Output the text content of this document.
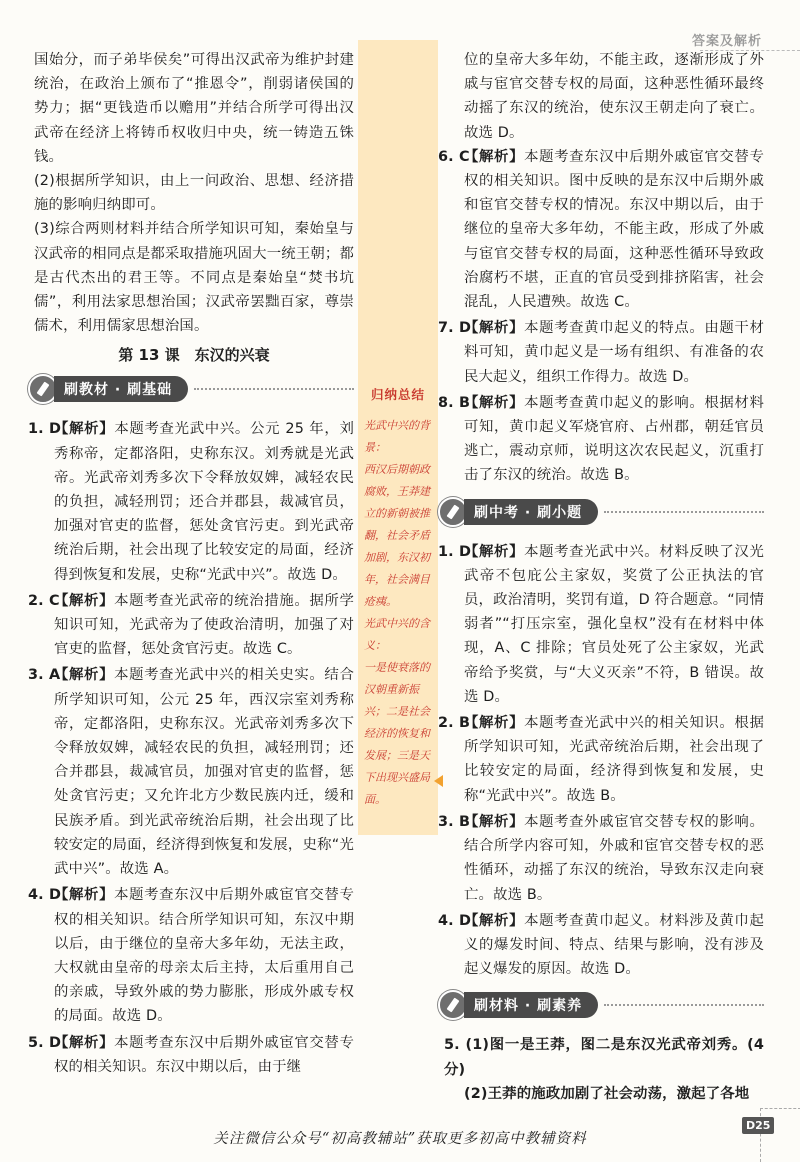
答案及解析

国始分，而子弟毕侯矣”可得出汉武帝为维护封建统治，在政治上颁布了“推恩令”，削弱诸侯国的势力；据“更钱造币以赡用”并结合所学可得出汉武帝在经济上将铸币权收归中央，统一铸造五铢钱。

(2)根据所学知识，由上一问政治、思想、经济措施的影响归纳即可。

(3)综合两则材料并结合所学知识可知，秦始皇与汉武帝的相同点是都采取措施巩固大一统王朝；都是古代杰出的君王等。不同点是秦始皇“焚书坑儒”，利用法家思想治国；汉武帝罢黜百家，尊崇儒术，利用儒家思想治国。

第 13 课　东汉的兴衰
刷教材 · 刷基础
1. D
【解析】本题考查光武中兴。公元 25 年，刘秀称帝，定都洛阳，史称东汉。刘秀就是光武帝。光武帝刘秀多次下令释放奴婢，减轻农民的负担，减轻刑罚；还合并郡县，裁减官员，加强对官吏的监督，惩处贪官污吏。到光武帝统治后期，社会出现了比较安定的局面，经济得到恢复和发展，史称“光武中兴”。故选 D。
2. C
【解析】本题考查光武帝的统治措施。据所学知识可知，光武帝为了使政治清明，加强了对官吏的监督，惩处贪官污吏。故选 C。
3. A
【解析】本题考查光武中兴的相关史实。结合所学知识可知，公元 25 年，西汉宗室刘秀称帝，定都洛阳，史称东汉。光武帝刘秀多次下令释放奴婢，减轻农民的负担，减轻刑罚；还合并郡县，裁减官员，加强对官吏的监督，惩处贪官污吏；又允许北方少数民族内迁，缓和民族矛盾。到光武帝统治后期，社会出现了比较安定的局面，经济得到恢复和发展，史称“光武中兴”。故选 A。
4. D
【解析】本题考查东汉中后期外戚宦官交替专权的相关知识。结合所学知识可知，东汉中期以后，由于继位的皇帝大多年幼，无法主政，大权就由皇帝的母亲太后主持，太后重用自己的亲戚，导致外戚的势力膨胀，形成外戚专权的局面。故选 D。
5. D
【解析】本题考查东汉中后期外戚宦官交替专权的相关知识。东汉中期以后，由于继
归纳总结
光武中兴的背景：
西汉后期朝政腐败，王莽建立的新朝被推翻，社会矛盾加剧，东汉初年，社会满目疮痍。
光武中兴的含义：
一是使衰落的汉朝重新振兴；二是社会经济的恢复和发展；三是天下出现兴盛局面。

位的皇帝大多年幼，不能主政，逐渐形成了外戚与宦官交替专权的局面，这种恶性循环最终动摇了东汉的统治，使东汉王朝走向了衰亡。故选 D。

6. C
【解析】本题考查东汉中后期外戚宦官交替专权的相关知识。图中反映的是东汉中后期外戚和宦官交替专权的情况。东汉中期以后，由于继位的皇帝大多年幼，不能主政，形成了外戚与宦官交替专权的局面，这种恶性循环导致政治腐朽不堪，正直的官员受到排挤陷害，社会混乱，人民遭殃。故选 C。
7. D
【解析】本题考查黄巾起义的特点。由题干材料可知，黄巾起义是一场有组织、有准备的农民大起义，组织工作得力。故选 D。
8. B
【解析】本题考查黄巾起义的影响。根据材料可知，黄巾起义军烧官府、占州郡，朝廷官员逃亡，震动京师，说明这次农民起义，沉重打击了东汉的统治。故选 B。
刷中考 · 刷小题
1. D
【解析】本题考查光武中兴。材料反映了汉光武帝不包庇公主家奴，奖赏了公正执法的官员，政治清明，奖罚有道，D 符合题意。“同情弱者”“打压宗室，强化皇权”没有在材料中体现，A、C 排除；官员处死了公主家奴，光武帝给予奖赏，与“大义灭亲”不符，B 错误。故选 D。
2. B
【解析】本题考查光武中兴的相关知识。根据所学知识可知，光武帝统治后期，社会出现了比较安定的局面，经济得到恢复和发展，史称“光武中兴”。故选 B。
3. B
【解析】本题考查外戚宦官交替专权的影响。结合所学内容可知，外戚和宦官交替专权的恶性循环，动摇了东汉的统治，导致东汉走向衰亡。故选 B。
4. D
【解析】本题考查黄巾起义。材料涉及黄巾起义的爆发时间、特点、结果与影响，没有涉及起义爆发的原因。故选 D。
刷材料 · 刷素养

5. (1)图一是王莽，图二是东汉光武帝刘秀。(4 分)

(2)王莽的施政加剧了社会动荡，激起了各地

D25
关注微信公众号“初高教辅站”获取更多初高中教辅资料
